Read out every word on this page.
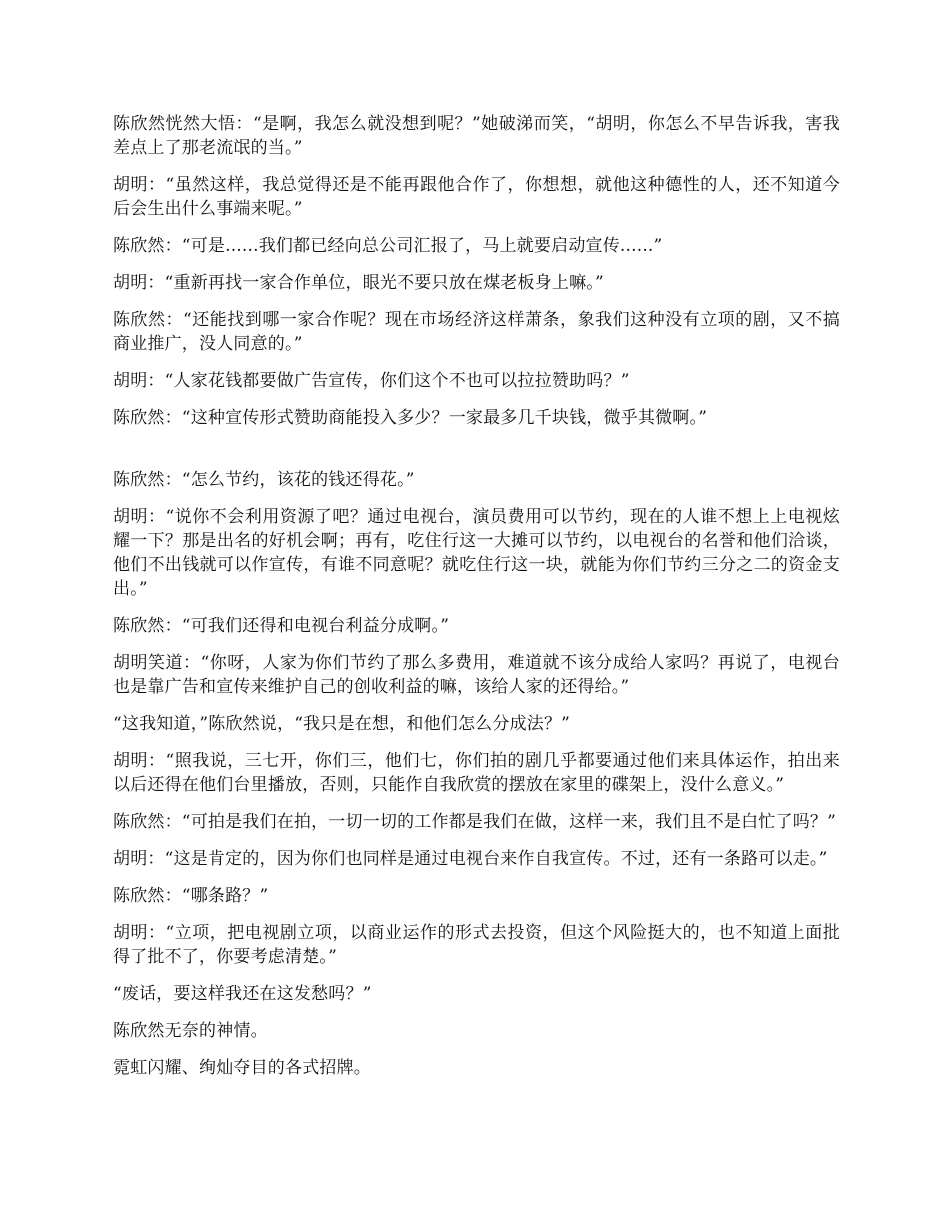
陈欣然恍然大悟：“是啊，我怎么就没想到呢？”她破涕而笑，“胡明，你怎么不早告诉我，害我差点上了那老流氓的当。”

胡明：“虽然这样，我总觉得还是不能再跟他合作了，你想想，就他这种德性的人，还不知道今后会生出什么事端来呢。”

陈欣然：“可是......我们都已经向总公司汇报了，马上就要启动宣传......”

胡明：“重新再找一家合作单位，眼光不要只放在煤老板身上嘛。”

陈欣然：“还能找到哪一家合作呢？现在市场经济这样萧条，象我们这种没有立项的剧，又不搞商业推广，没人同意的。”

胡明：“人家花钱都要做广告宣传，你们这个不也可以拉拉赞助吗？”

陈欣然：“这种宣传形式赞助商能投入多少？一家最多几千块钱，微乎其微啊。”

陈欣然：“怎么节约，该花的钱还得花。”

胡明：“说你不会利用资源了吧？通过电视台，演员费用可以节约，现在的人谁不想上上电视炫耀一下？那是出名的好机会啊；再有，吃住行这一大摊可以节约，以电视台的名誉和他们洽谈，他们不出钱就可以作宣传，有谁不同意呢？就吃住行这一块，就能为你们节约三分之二的资金支出。”

陈欣然：“可我们还得和电视台利益分成啊。”

胡明笑道：“你呀，人家为你们节约了那么多费用，难道就不该分成给人家吗？再说了，电视台也是靠广告和宣传来维护自己的创收利益的嘛，该给人家的还得给。”

“这我知道，”陈欣然说，“我只是在想，和他们怎么分成法？”

胡明：“照我说，三七开，你们三，他们七，你们拍的剧几乎都要通过他们来具体运作，拍出来以后还得在他们台里播放，否则，只能作自我欣赏的摆放在家里的碟架上，没什么意义。”

陈欣然：“可拍是我们在拍，一切一切的工作都是我们在做，这样一来，我们且不是白忙了吗？”

胡明：“这是肯定的，因为你们也同样是通过电视台来作自我宣传。不过，还有一条路可以走。”

陈欣然：“哪条路？”

胡明：“立项，把电视剧立项，以商业运作的形式去投资，但这个风险挺大的，也不知道上面批得了批不了，你要考虑清楚。”

“废话，要这样我还在这发愁吗？”

陈欣然无奈的神情。

霓虹闪耀、绚灿夺目的各式招牌。
